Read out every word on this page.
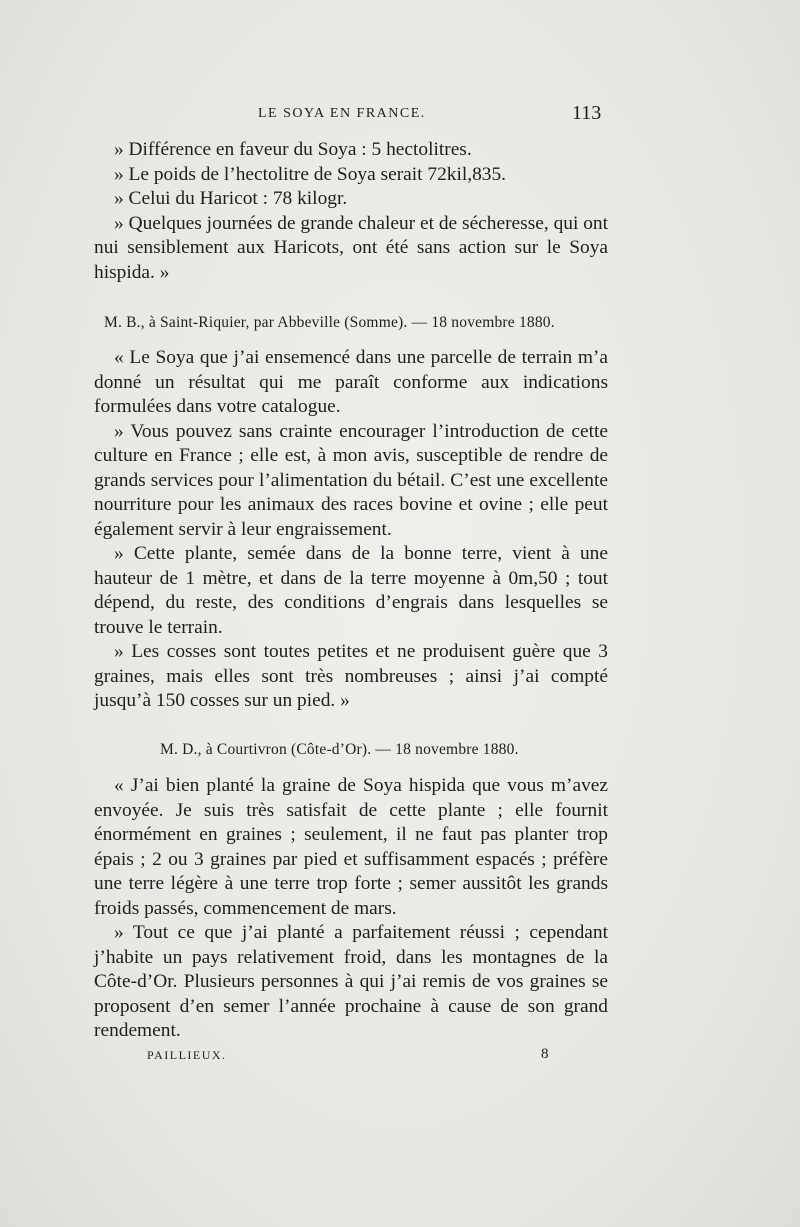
LE SOYA EN FRANCE.	113

» Différence en faveur du Soya : 5 hectolitres.

» Le poids de l’hectolitre de Soya serait 72kil,835.

» Celui du Haricot : 78 kilogr.

» Quelques journées de grande chaleur et de sécheresse, qui ont nui sensiblement aux Haricots, ont été sans action sur le Soya hispida. »

M. B., à Saint-Riquier, par Abbeville (Somme). — 18 novembre 1880.

« Le Soya que j’ai ensemencé dans une parcelle de terrain m’a donné un résultat qui me paraît conforme aux indications formulées dans votre catalogue.

» Vous pouvez sans crainte encourager l’introduction de cette culture en France ; elle est, à mon avis, susceptible de rendre de grands services pour l’alimentation du bétail. C’est une excellente nourriture pour les animaux des races bovine et ovine ; elle peut également servir à leur engraissement.

» Cette plante, semée dans de la bonne terre, vient à une hauteur de 1 mètre, et dans de la terre moyenne à 0m,50 ; tout dépend, du reste, des conditions d’engrais dans lesquelles se trouve le terrain.

» Les cosses sont toutes petites et ne produisent guère que 3 graines, mais elles sont très nombreuses ; ainsi j’ai compté jusqu’à 150 cosses sur un pied. »

M. D., à Courtivron (Côte-d’Or). — 18 novembre 1880.

« J’ai bien planté la graine de Soya hispida que vous m’avez envoyée. Je suis très satisfait de cette plante ; elle fournit énormément en graines ; seulement, il ne faut pas planter trop épais ; 2 ou 3 graines par pied et suffisamment espacés ; préfère une terre légère à une terre trop forte ; semer aussitôt les grands froids passés, commencement de mars.

» Tout ce que j’ai planté a parfaitement réussi ; cependant j’habite un pays relativement froid, dans les montagnes de la Côte-d’Or. Plusieurs personnes à qui j’ai remis de vos graines se proposent d’en semer l’année prochaine à cause de son grand rendement.

PAILLIEUX.	8
